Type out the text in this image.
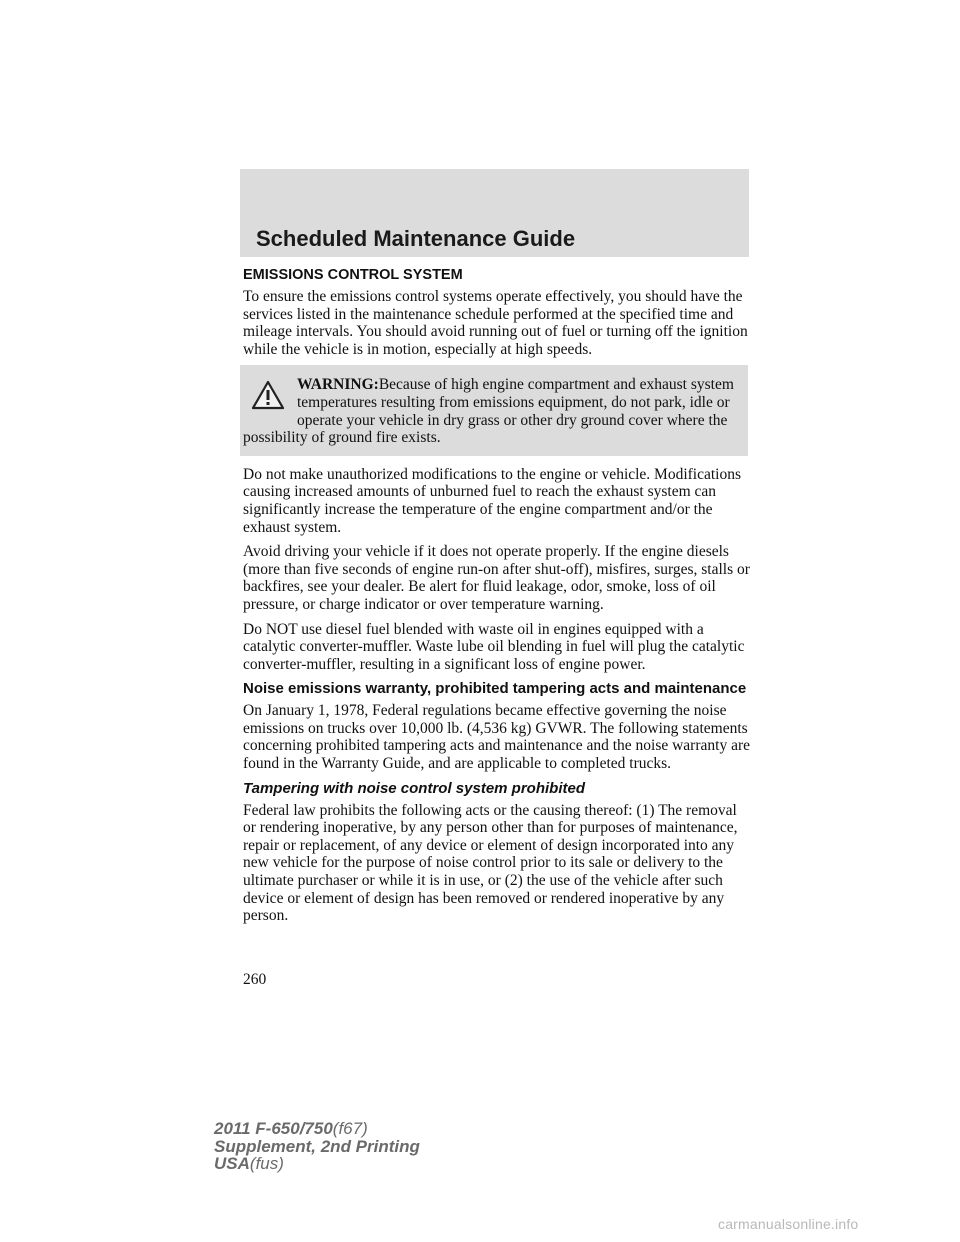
Scheduled Maintenance Guide
EMISSIONS CONTROL SYSTEM

To ensure the emissions control systems operate effectively, you should have the services listed in the maintenance schedule performed at the specified time and mileage intervals. You should avoid running out of fuel or turning off the ignition while the vehicle is in motion, especially at high speeds.

WARNING:Because of high engine compartment and exhaust system temperatures resulting from emissions equipment, do not park, idle or operate your vehicle in dry grass or other dry ground cover where the possibility of ground fire exists.

Do not make unauthorized modifications to the engine or vehicle. Modifications causing increased amounts of unburned fuel to reach the exhaust system can significantly increase the temperature of the engine compartment and/or the exhaust system.

Avoid driving your vehicle if it does not operate properly. If the engine diesels (more than five seconds of engine run-on after shut-off), misfires, surges, stalls or backfires, see your dealer. Be alert for fluid leakage, odor, smoke, loss of oil pressure, or charge indicator or over temperature warning.

Do NOT use diesel fuel blended with waste oil in engines equipped with a catalytic converter-muffler. Waste lube oil blending in fuel will plug the catalytic converter-muffler, resulting in a significant loss of engine power.

Noise emissions warranty, prohibited tampering acts and maintenance

On January 1, 1978, Federal regulations became effective governing the noise emissions on trucks over 10,000 lb. (4,536 kg) GVWR. The following statements concerning prohibited tampering acts and maintenance and the noise warranty are found in the Warranty Guide, and are applicable to completed trucks.

Tampering with noise control system prohibited

Federal law prohibits the following acts or the causing thereof: (1) The removal or rendering inoperative, by any person other than for purposes of maintenance, repair or replacement, of any device or element of design incorporated into any new vehicle for the purpose of noise control prior to its sale or delivery to the ultimate purchaser or while it is in use, or (2) the use of the vehicle after such device or element of design has been removed or rendered inoperative by any person.

260
2011 F-650/750(f67)
Supplement, 2nd Printing
USA(fus)
carmanualsonline.info
